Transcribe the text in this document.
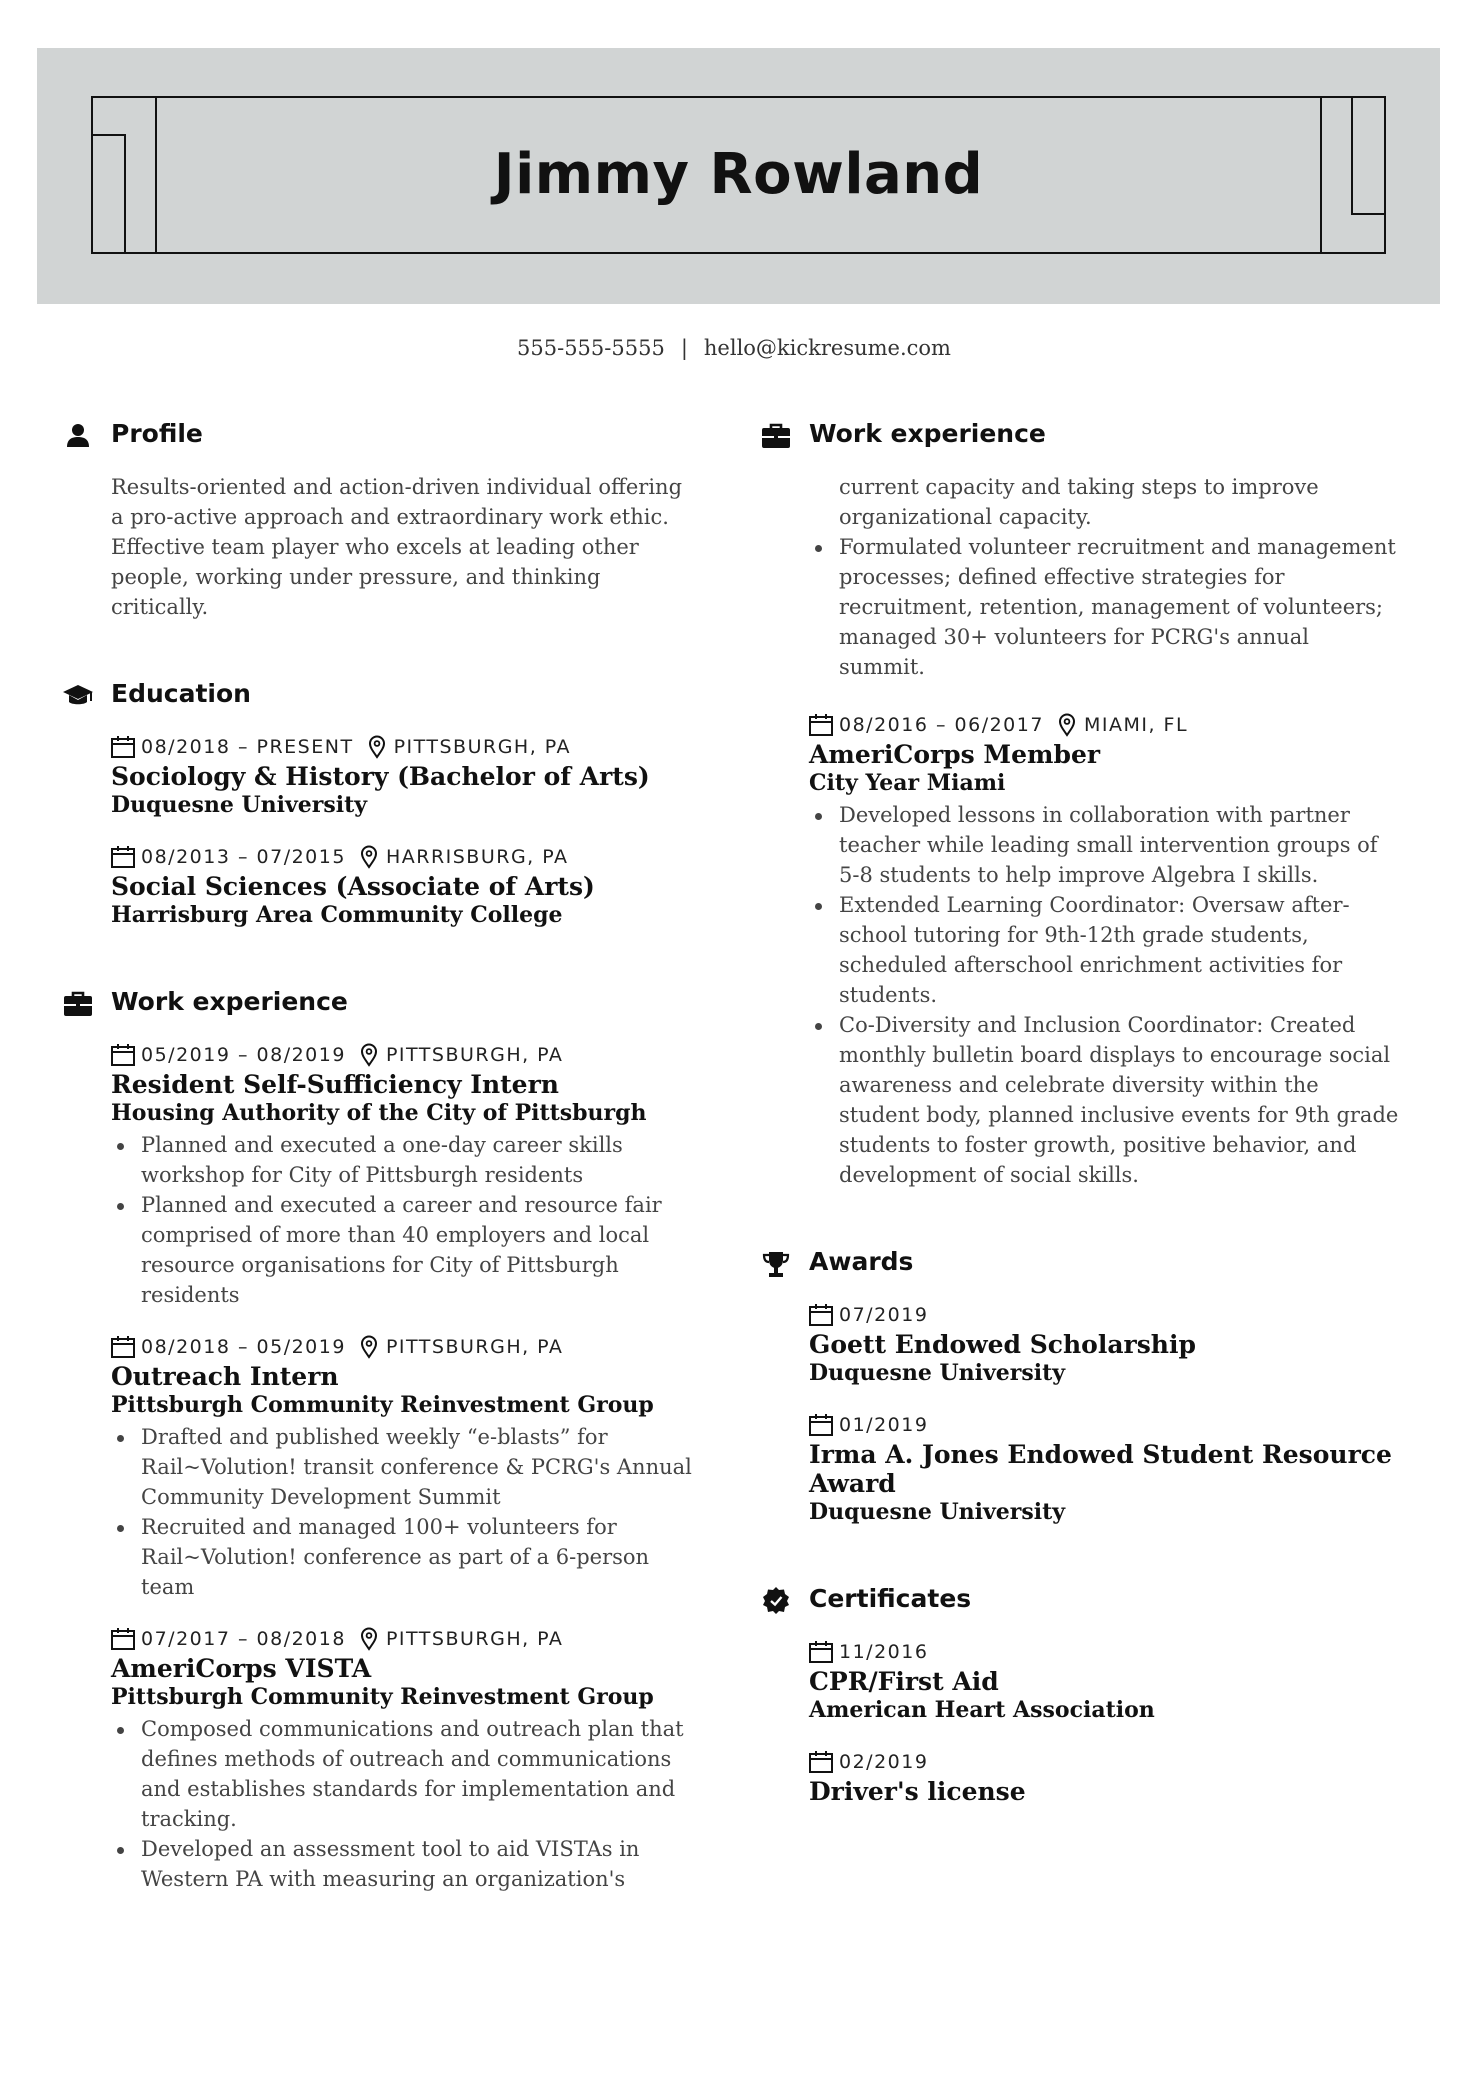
Jimmy Rowland
555-555-5555 | hello@kickresume.com
Profile
Results-oriented and action-driven individual offering a pro-active approach and extraordinary work ethic. Effective team player who excels at leading other people, working under pressure, and thinking critically.
Education
08/2018 – PRESENT PITTSBURGH, PA
Sociology & History (Bachelor of Arts)
Duquesne University
08/2013 – 07/2015 HARRISBURG, PA
Social Sciences (Associate of Arts)
Harrisburg Area Community College
Work experience
05/2019 – 08/2019 PITTSBURGH, PA
Resident Self-Sufficiency Intern
Housing Authority of the City of Pittsburgh
Planned and executed a one-day career skills workshop for City of Pittsburgh residents
Planned and executed a career and resource fair comprised of more than 40 employers and local resource organisations for City of Pittsburgh residents
08/2018 – 05/2019 PITTSBURGH, PA
Outreach Intern
Pittsburgh Community Reinvestment Group
Drafted and published weekly “e-blasts” for Rail~Volution! transit conference & PCRG's Annual Community Development Summit
Recruited and managed 100+ volunteers for Rail~Volution! conference as part of a 6-person team
07/2017 – 08/2018 PITTSBURGH, PA
AmeriCorps VISTA
Pittsburgh Community Reinvestment Group
Composed communications and outreach plan that defines methods of outreach and communications and establishes standards for implementation and tracking.
Developed an assessment tool to aid VISTAs in Western PA with measuring an organization's
Work experience
current capacity and taking steps to improve organizational capacity.
Formulated volunteer recruitment and management processes; defined effective strategies for recruitment, retention, management of volunteers; managed 30+ volunteers for PCRG's annual summit.
08/2016 – 06/2017 MIAMI, FL
AmeriCorps Member
City Year Miami
Developed lessons in collaboration with partner teacher while leading small intervention groups of 5-8 students to help improve Algebra I skills.
Extended Learning Coordinator: Oversaw after-school tutoring for 9th-12th grade students, scheduled afterschool enrichment activities for students.
Co-Diversity and Inclusion Coordinator: Created monthly bulletin board displays to encourage social awareness and celebrate diversity within the student body, planned inclusive events for 9th grade students to foster growth, positive behavior, and development of social skills.
Awards
07/2019
Goett Endowed Scholarship
Duquesne University
01/2019
Irma A. Jones Endowed Student Resource Award
Duquesne University
Certificates
11/2016
CPR/First Aid
American Heart Association
02/2019
Driver's license
